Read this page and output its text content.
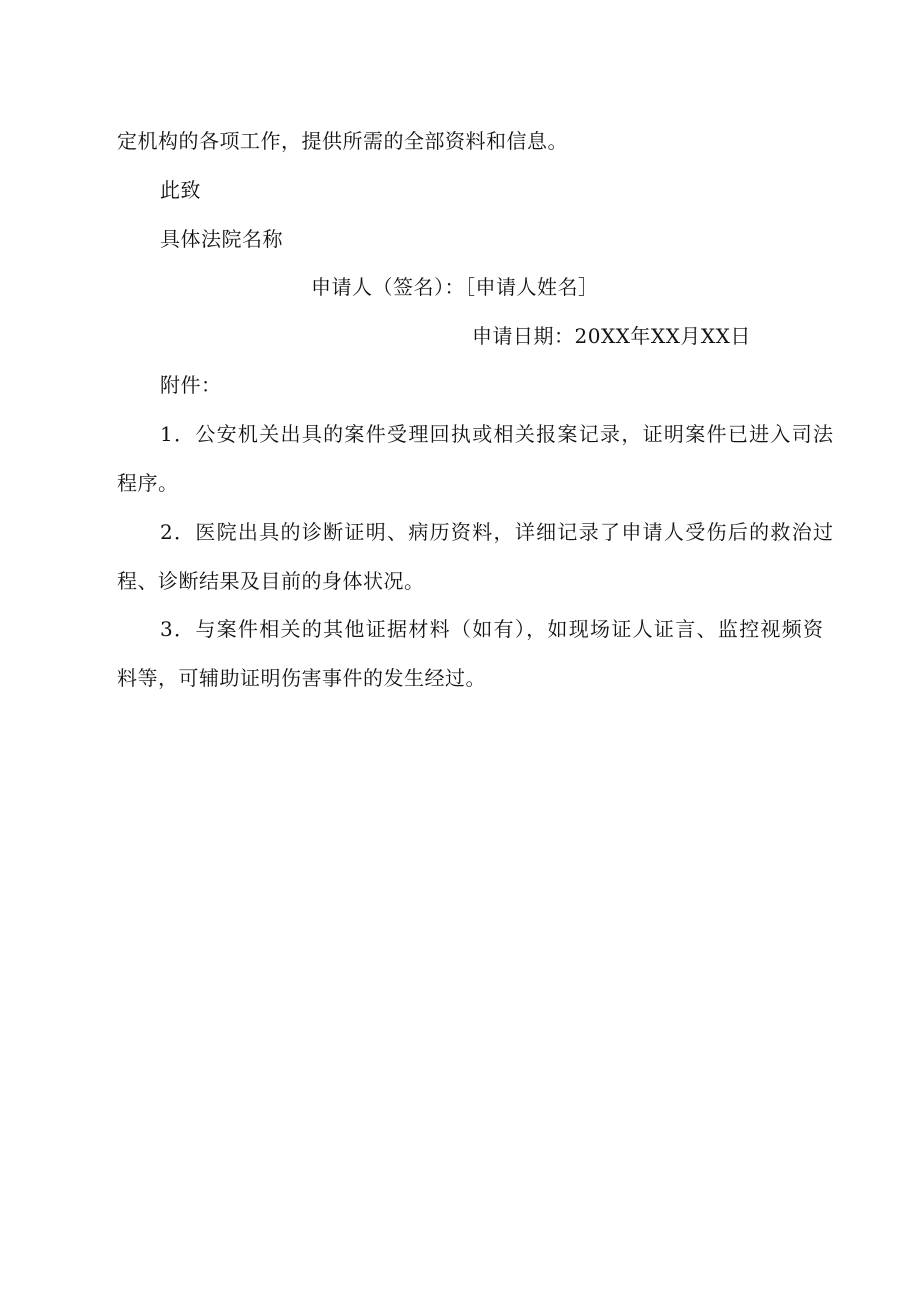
定机构的各项工作，提供所需的全部资料和信息。
此致
具体法院名称
申请人（签名）：［申请人姓名］
申请日期：20XX年XX月XX日
附件：
1．公安机关出具的案件受理回执或相关报案记录，证明案件已进入司法
程序。
2．医院出具的诊断证明、病历资料，详细记录了申请人受伤后的救治过
程、诊断结果及目前的身体状况。
3．与案件相关的其他证据材料（如有），如现场证人证言、监控视频资
料等，可辅助证明伤害事件的发生经过。
